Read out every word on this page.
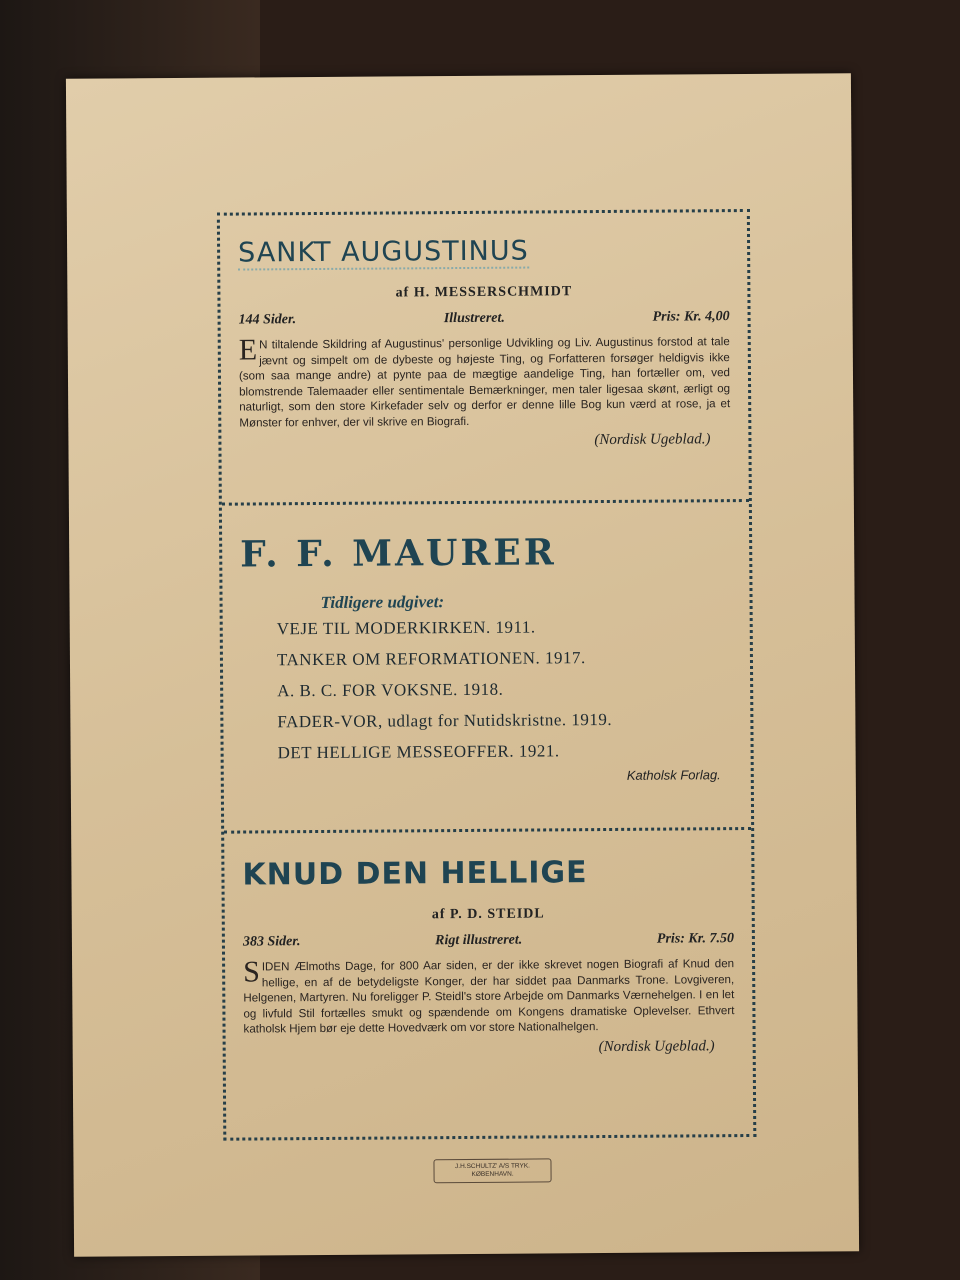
SANKT AUGUSTINUS
af H. MESSERSCHMIDT
144 Sider.	Illustreret.	Pris: Kr. 4,00
E N tiltalende Skildring af Augustinus' personlige Udvikling og Liv. Augustinus forstod at tale jævnt og simpelt om de dybeste og højeste Ting, og Forfatteren forsøger heldigvis ikke (som saa mange andre) at pynte paa de mægtige aandelige Ting, han fortæller om, ved blomstrende Talemaader eller sentimentale Bemærkninger, men taler ligesaa skønt, ærligt og naturligt, som den store Kirkefader selv og derfor er denne lille Bog kun værd at rose, ja et Mønster for enhver, der vil skrive en Biografi.
(Nordisk Ugeblad.)
F. F. MAURER
Tidligere udgivet:
VEJE TIL MODERKIRKEN. 1911.
TANKER OM REFORMATIONEN. 1917.
A. B. C. FOR VOKSNE. 1918.
FADER-VOR, udlagt for Nutidskristne. 1919.
DET HELLIGE MESSEOFFER. 1921.
Katholsk Forlag.
KNUD DEN HELLIGE
af P. D. STEIDL
383 Sider.	Rigt illustreret.	Pris: Kr. 7.50
SIDEN Ælmoths Dage, for 800 Aar siden, er der ikke skrevet nogen Biografi af Knud den hellige, en af de betydeligste Konger, der har siddet paa Danmarks Trone. Lovgiveren, Helgenen, Martyren. Nu foreligger P. Steidl's store Arbejde om Danmarks Værnehelgen. I en let og livfuld Stil fortælles smukt og spændende om Kongens dramatiske Oplevelser. Ethvert katholsk Hjem bør eje dette Hovedværk om vor store Nationalhelgen.
(Nordisk Ugeblad.)
J.H.SCHULTZ' A/S TRYK.
KØBENHAVN.
